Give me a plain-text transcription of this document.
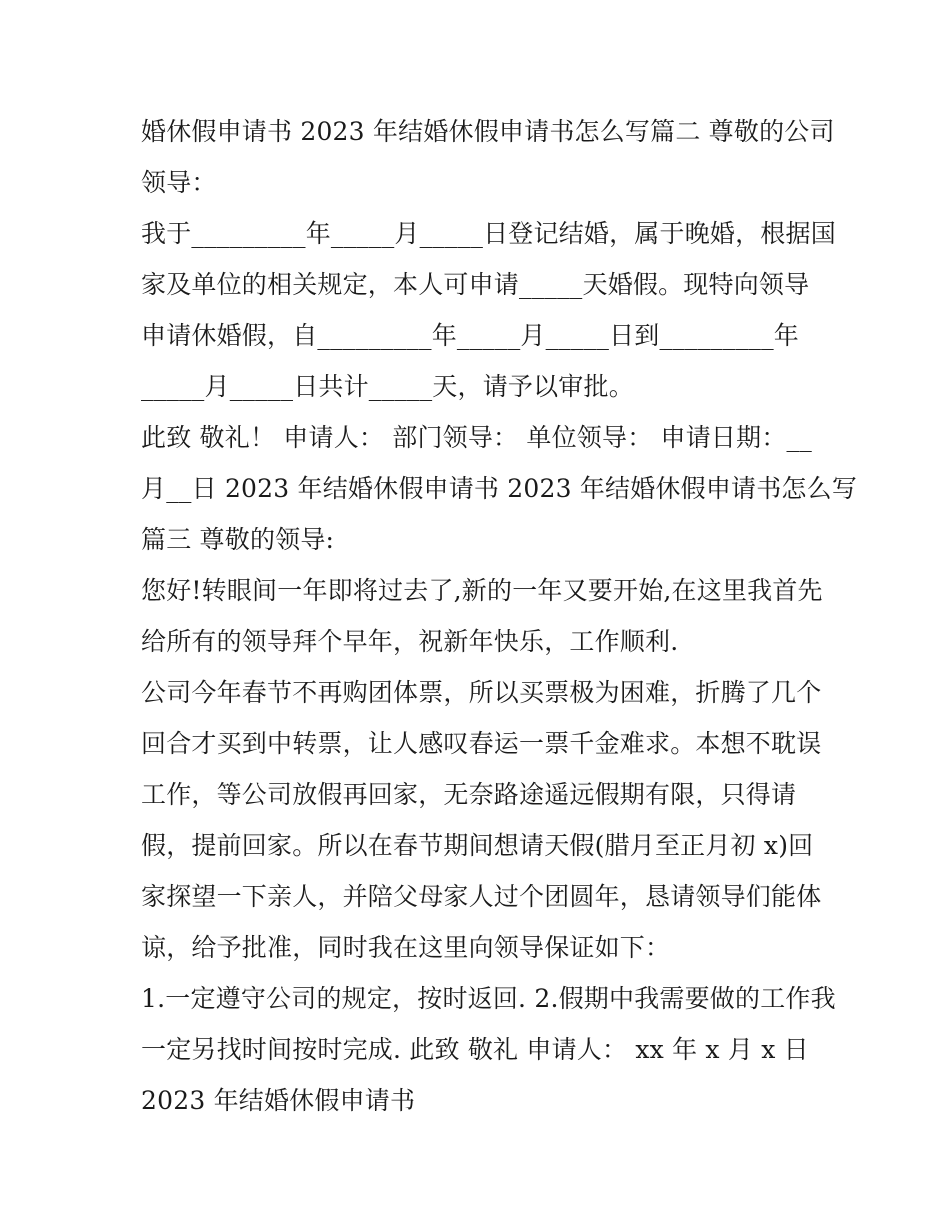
婚休假申请书 2023 年结婚休假申请书怎么写篇二 尊敬的公司
领导：
我于_________年_____月_____日登记结婚，属于晚婚，根据国
家及单位的相关规定，本人可申请_____天婚假。现特向领导
申请休婚假，自_________年_____月_____日到_________年
_____月_____日共计_____天，请予以审批。
此致 敬礼！ 申请人： 部门领导： 单位领导： 申请日期：__
月__日 2023 年结婚休假申请书 2023 年结婚休假申请书怎么写
篇三 尊敬的领导:
您好!转眼间一年即将过去了,新的一年又要开始,在这里我首先
给所有的领导拜个早年，祝新年快乐，工作顺利.
公司今年春节不再购团体票，所以买票极为困难，折腾了几个
回合才买到中转票，让人感叹春运一票千金难求。本想不耽误
工作，等公司放假再回家，无奈路途遥远假期有限，只得请
假，提前回家。所以在春节期间想请天假(腊月至正月初 x)回
家探望一下亲人，并陪父母家人过个团圆年，恳请领导们能体
谅，给予批准，同时我在这里向领导保证如下：
1.一定遵守公司的规定，按时返回. 2.假期中我需要做的工作我
一定另找时间按时完成. 此致 敬礼 申请人： xx 年 x 月 x 日
2023 年结婚休假申请书
